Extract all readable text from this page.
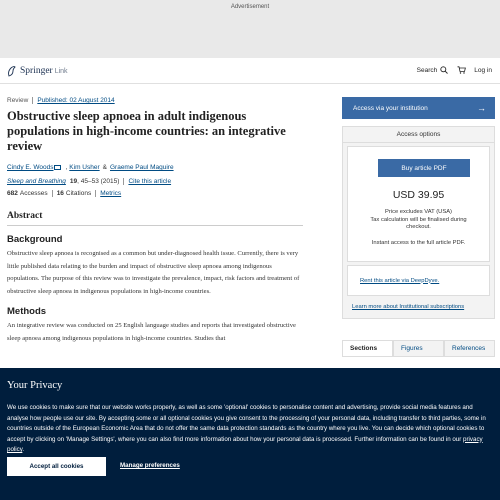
Advertisement
Springer Link	Search	Log in
Review Published: 02 August 2014
Obstructive sleep apnoea in adult indigenous populations in high-income countries: an integrative review
Cindy E. Woods , Kim Usher & Graeme Paul Maguire
Sleep and Breathing 19 , 45–53 (2015) Cite this article
682 Accesses 16 Citations Metrics
Abstract
Background

Obstructive sleep apnoea is recognised as a common but under-diagnosed health issue. Currently, there is very little published data relating to the burden and impact of obstructive sleep apnoea among indigenous populations. The purpose of this review was to investigate the prevalence, impact, risk factors and treatment of obstructive sleep apnoea in indigenous populations in high-income countries.

Methods

An integrative review was conducted on 25 English language studies and reports that investigated obstructive sleep apnoea among indigenous populations in high-income countries. Studies that

Access via your institution	→
Access options
Buy article PDF
USD 39.95
Price excludes VAT (USA)
Tax calculation will be finalised during
checkout.
Instant access to the full article PDF.
Rent this article via DeepDyve.
Learn more about Institutional subscriptions
Sections	Figures	References
Your Privacy
We use cookies to make sure that our website works properly, as well as some 'optional' cookies to personalise content and advertising, provide social media features and analyse how people use our site. By accepting some or all optional cookies you give consent to the processing of your personal data, including transfer to third parties, some in countries outside of the European Economic Area that do not offer the same data protection standards as the country where you live. You can decide which optional cookies to accept by clicking on 'Manage Settings', where you can also find more information about how your personal data is processed. Further information can be found in our privacy policy.
Accept all cookies	Manage preferences
